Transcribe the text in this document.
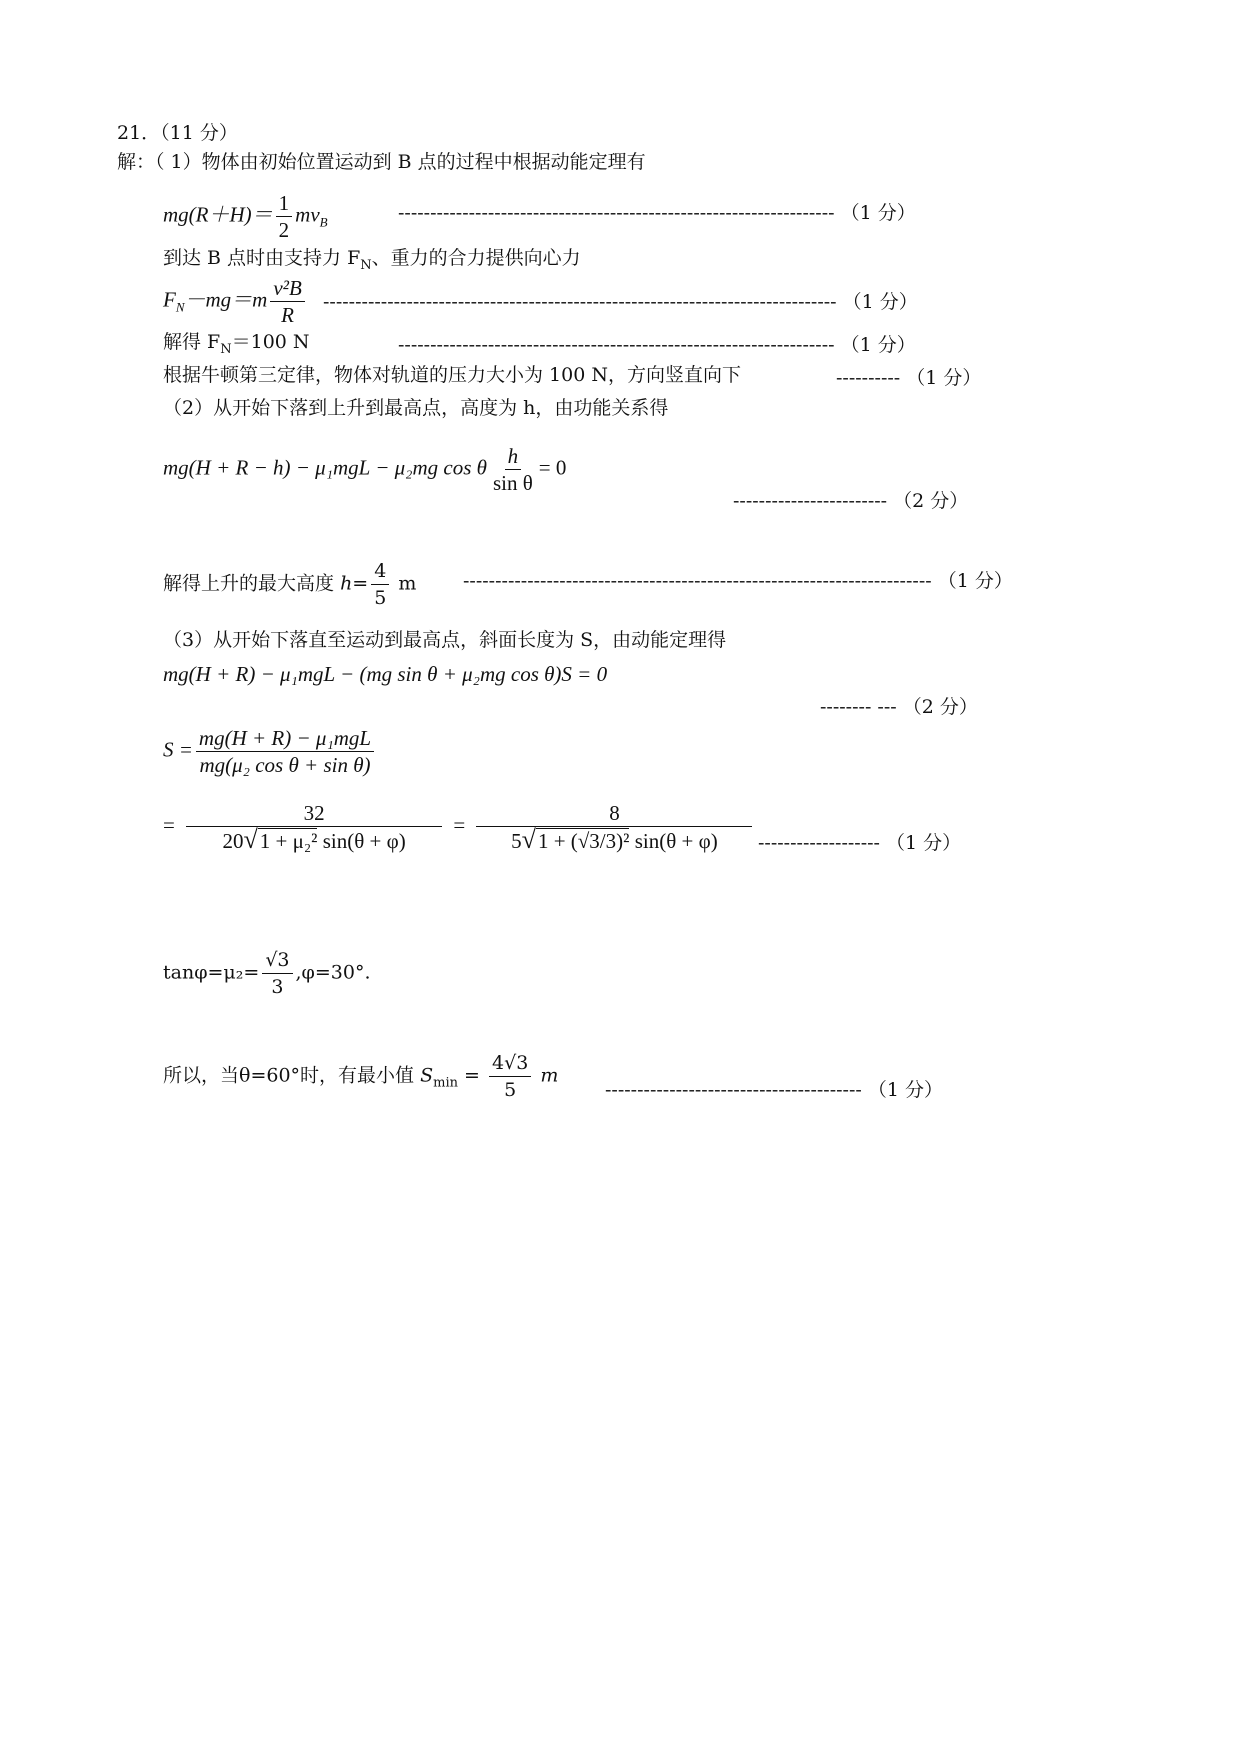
21．（11 分）
解：（ 1）物体由初始位置运动到 B 点的过程中根据动能定理有
$mg(R+H)= \frac{1}{2} mv_B$	-------------------------------------------------------------------- （1 分）
到达 B 点时由支持力 $F_N$、重力的合力提供向心力
$F_N-mg=m \frac{\text{v²B}}{R}$ -------------------------------------------------------------------------------- （1 分）
解得 $F_N=100$ N	-------------------------------------------------------------------- （1 分）
根据牛顿第三定律，物体对轨道的压力大小为 100 N，方向竖直向下	---------- （1 分）
（2）从开始下落到上升到最高点，高度为 h，由功能关系得
mg(H + R − h) − μ₁mgL − μ₂mg cos θ $\frac{h}{\text{sin θ}} = 0$
------------------------ （2 分）
解得上升的最大高度 $h= \frac{4}{5}$ m ------------------------------------------------------------------------- （1 分）
（3）从开始下落直至运动到最高点，斜面长度为 S，由动能定理得
mg(H + R) − μ₁mgL − (mg sin θ + μ₂mg cos θ)S = 0
-------- --- （2 分）
$S = \frac{\text{mg(H + R) − μ₁mgL}}{\text{mg(μ₂ cos θ + sin θ)}}$
= $\frac{32}{\text{20√1 + μ₂² sin(θ + φ)}} = \frac{8}{\text{5√1 + (√3/3)² sin(θ + φ)}}$ ------------------- （1 分）
$\tan\varphi=\mu_2= \frac{√3}{3} ,\varphi=30^\circ$.
所以，当θ=60°时，有最小值 $S_{min} = \frac{4√3}{5}$ m
---------------------------------------- （1 分）
